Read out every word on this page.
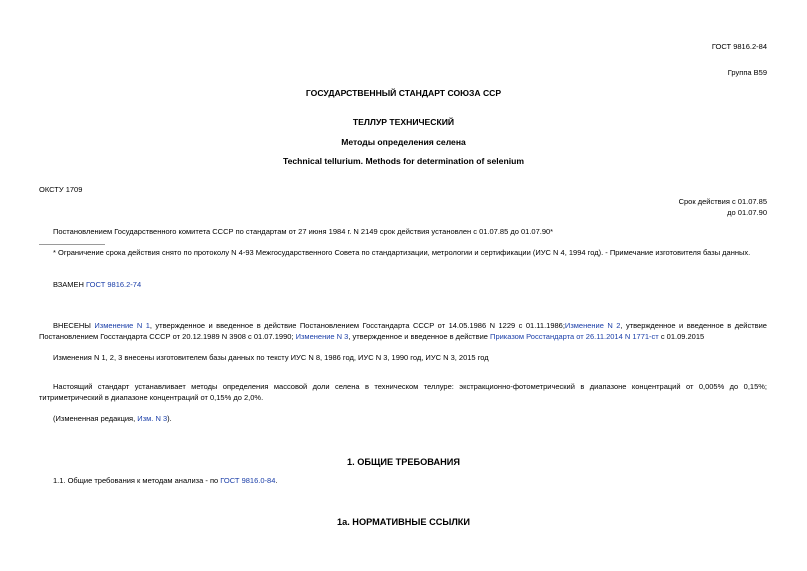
ГОСТ 9816.2-84
Группа В59
ГОСУДАРСТВЕННЫЙ СТАНДАРТ СОЮЗА ССР
ТЕЛЛУР ТЕХНИЧЕСКИЙ
Методы определения селена
Technical tellurium. Methods for determination of selenium
ОКСТУ 1709
Срок действия с 01.07.85
до 01.07.90
Постановлением Государственного комитета СССР по стандартам от 27 июня 1984 г. N 2149 срок действия установлен с 01.07.85 до 01.07.90*
* Ограничение срока действия снято по протоколу N 4-93 Межгосударственного Совета по стандартизации, метрологии и сертификации (ИУС N 4, 1994 год). - Примечание изготовителя базы данных.
ВЗАМЕН ГОСТ 9816.2-74
ВНЕСЕНЫ Изменение N 1, утвержденное и введенное в действие Постановлением Госстандарта СССР от 14.05.1986 N 1229 с 01.11.1986;Изменение N 2, утвержденное и введенное в действие Постановлением Госстандарта СССР от 20.12.1989 N 3908 с 01.07.1990; Изменение N 3, утвержденное и введенное в действие Приказом Росстандарта от 26.11.2014 N 1771-ст с 01.09.2015
Изменения N 1, 2, 3 внесены изготовителем базы данных по тексту ИУС N 8, 1986 год, ИУС N 3, 1990 год, ИУС N 3, 2015 год
Настоящий стандарт устанавливает методы определения массовой доли селена в техническом теллуре: экстракционно-фотометрический в диапазоне концентраций от 0,005% до 0,15%; титриметрический в диапазоне концентраций от 0,15% до 2,0%.
(Измененная редакция, Изм. N 3).
1. ОБЩИЕ ТРЕБОВАНИЯ
1.1. Общие требования к методам анализа - по ГОСТ 9816.0-84.
1а. НОРМАТИВНЫЕ ССЫЛКИ
